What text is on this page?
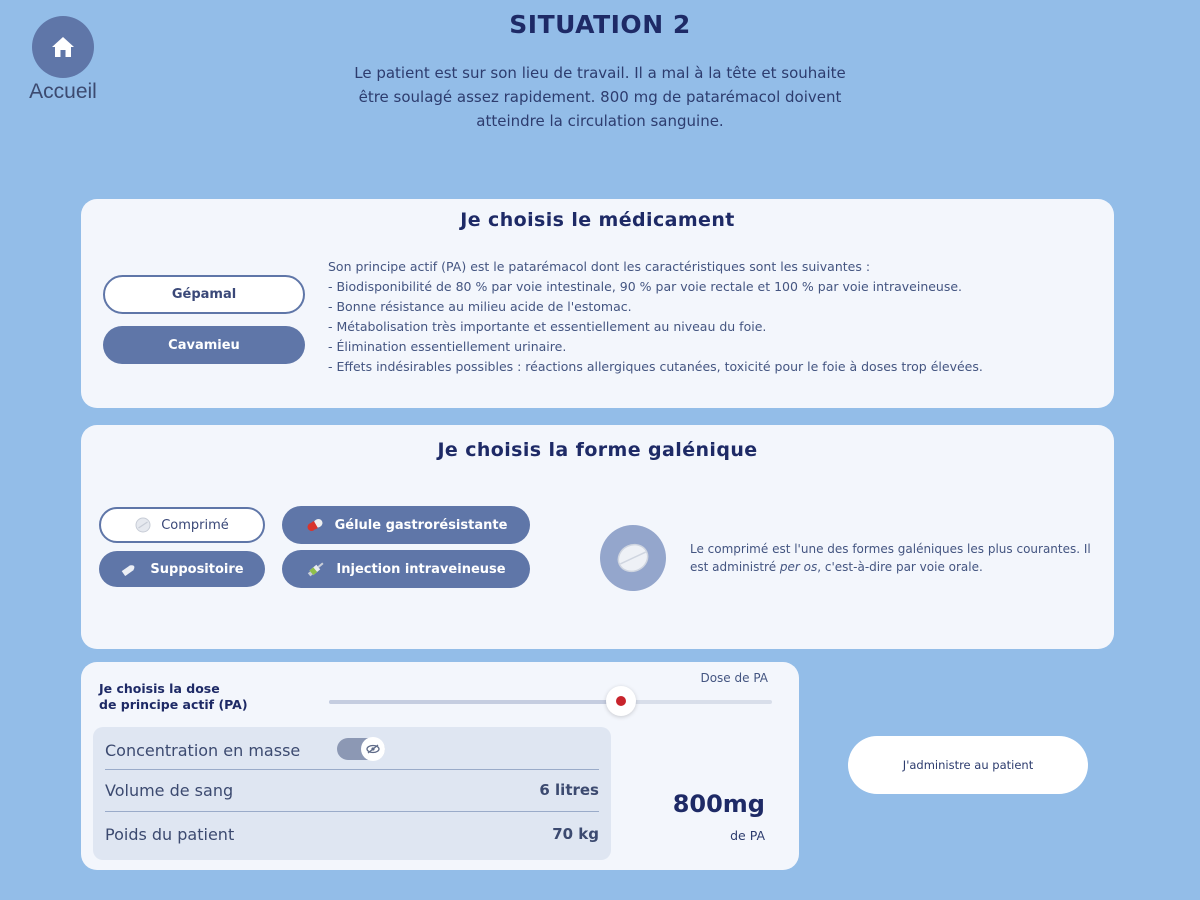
Accueil
SITUATION 2
Le patient est sur son lieu de travail. Il a mal à la tête et souhaite
être soulagé assez rapidement. 800 mg de patarémacol doivent
atteindre la circulation sanguine.
Je choisis le médicament
Gépamal
Cavamieu
Son principe actif (PA) est le patarémacol dont les caractéristiques sont les suivantes :
- Biodisponibilité de 80 % par voie intestinale, 90 % par voie rectale et 100 % par voie intraveineuse.
- Bonne résistance au milieu acide de l'estomac.
- Métabolisation très importante et essentiellement au niveau du foie.
- Élimination essentiellement urinaire.
- Effets indésirables possibles : réactions allergiques cutanées, toxicité pour le foie à doses trop élevées.
Je choisis la forme galénique
Comprimé	Gélule gastrorésistante
Suppositoire	Injection intraveineuse
Le comprimé est l'une des formes galéniques les plus courantes. Il est administré per os, c'est-à-dire par voie orale.
Je choisis la dose
de principe actif (PA)
Dose de PA
Concentration en masse
Volume de sang	6 litres
Poids du patient	70 kg
800mg
de PA
J'administre au patient
